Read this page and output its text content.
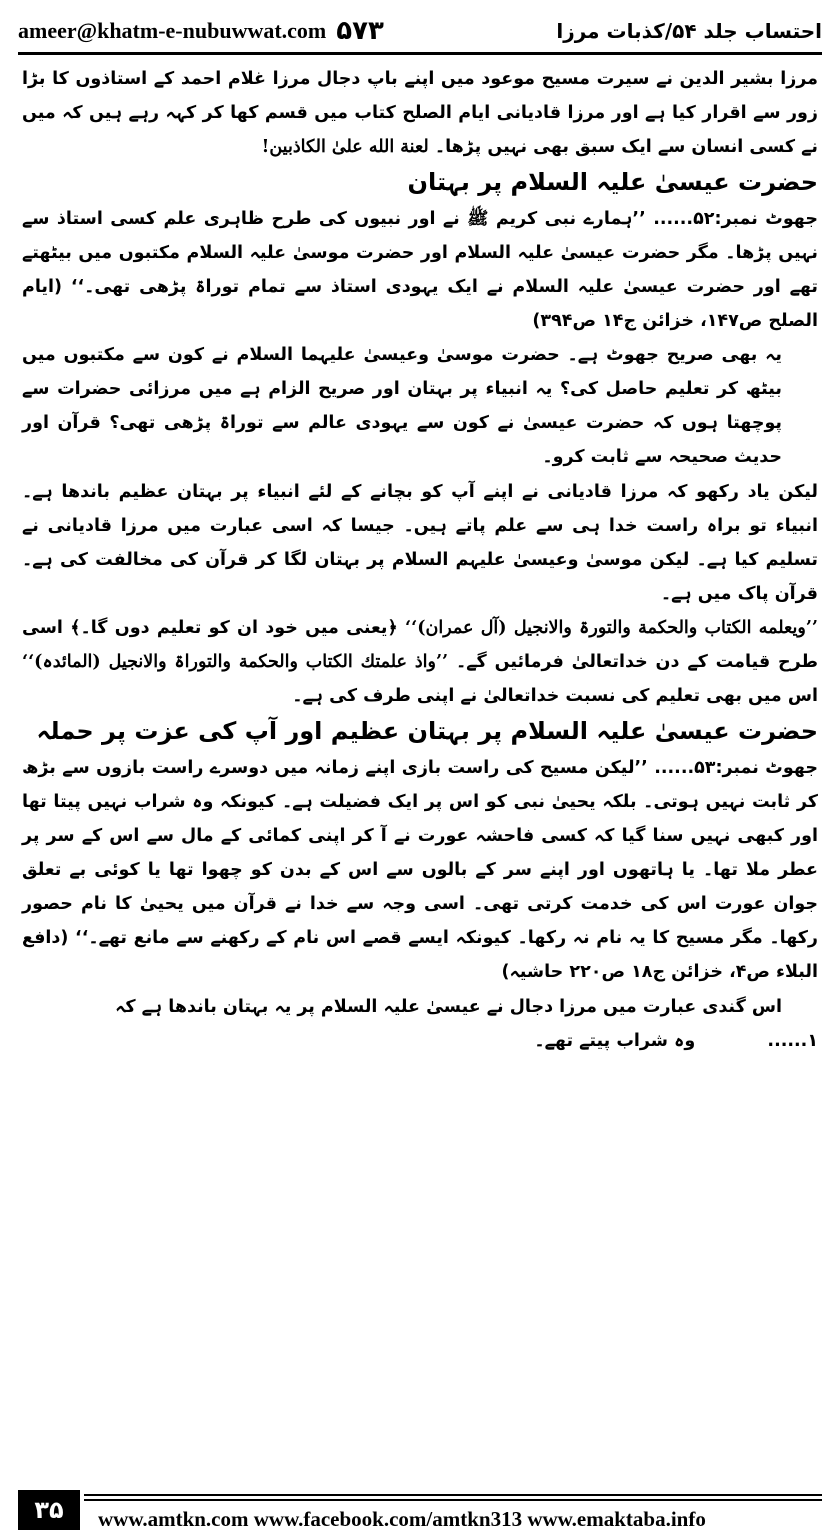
ameer@khatm-e-nubuwwat.com ۵۷۳	احتساب جلد ۵۴/کذبات مرزا

مرزا بشیر الدین نے سیرت مسیح موعود میں اپنے باپ دجال مرزا غلام احمد کے استاذوں کا بڑا زور سے اقرار کیا ہے اور مرزا قادیانی ایام الصلح کتاب میں قسم کھا کر کہہ رہے ہیں کہ میں نے کسی انسان سے ایک سبق بھی نہیں پڑھا۔ لعنة الله علیٰ الکاذبین!

حضرت عیسیٰ علیہ السلام پر بہتان

جھوٹ نمبر:۵۲...... ’’ہمارے نبی کریم ﷺ نے اور نبیوں کی طرح ظاہری علم کسی استاذ سے نہیں پڑھا۔ مگر حضرت عیسیٰ علیہ السلام اور حضرت موسیٰ علیہ السلام مکتبوں میں بیٹھتے تھے اور حضرت عیسیٰ علیہ السلام نے ایک یہودی استاذ سے تمام توراۃ پڑھی تھی۔‘‘ (ایام الصلح ص۱۴۷، خزائن ج۱۴ ص۳۹۴)

یہ بھی صریح جھوٹ ہے۔ حضرت موسیٰ وعیسیٰ علیہما السلام نے کون سے مکتبوں میں بیٹھ کر تعلیم حاصل کی؟ یہ انبیاء پر بہتان اور صریح الزام ہے میں مرزائی حضرات سے پوچھتا ہوں کہ حضرت عیسیٰ نے کون سے یہودی عالم سے توراۃ پڑھی تھی؟ قرآن اور حدیث صحیحہ سے ثابت کرو۔

لیکن یاد رکھو کہ مرزا قادیانی نے اپنے آپ کو بچانے کے لئے انبیاء پر بہتان عظیم باندھا ہے۔ انبیاء تو براہ راست خدا ہی سے علم پاتے ہیں۔ جیسا کہ اسی عبارت میں مرزا قادیانی نے تسلیم کیا ہے۔ لیکن موسیٰ وعیسیٰ علیہم السلام پر بہتان لگا کر قرآن کی مخالفت کی ہے۔ قرآن پاک میں ہے۔

’’ویعلمه الکتاب والحکمة والتورۃ والانجیل (آل عمران)‘‘ ﴿یعنی میں خود ان کو تعلیم دوں گا۔﴾ اسی طرح قیامت کے دن خداتعالیٰ فرمائیں گے۔ ’’واذ علمتك الکتاب والحکمة والتوراۃ والانجیل (المائدہ)‘‘ اس میں بھی تعلیم کی نسبت خداتعالیٰ نے اپنی طرف کی ہے۔

حضرت عیسیٰ علیہ السلام پر بہتان عظیم اور آپ کی عزت پر حملہ

جھوٹ نمبر:۵۳...... ’’لیکن مسیح کی راست بازی اپنے زمانہ میں دوسرے راست بازوں سے بڑھ کر ثابت نہیں ہوتی۔ بلکہ یحییٰ نبی کو اس پر ایک فضیلت ہے۔ کیونکہ وہ شراب نہیں پیتا تھا اور کبھی نہیں سنا گیا کہ کسی فاحشہ عورت نے آ کر اپنی کمائی کے مال سے اس کے سر پر عطر ملا تھا۔ یا ہاتھوں اور اپنے سر کے بالوں سے اس کے بدن کو چھوا تھا یا کوئی بے تعلق جوان عورت اس کی خدمت کرتی تھی۔ اسی وجہ سے خدا نے قرآن میں یحییٰ کا نام حصور رکھا۔ مگر مسیح کا یہ نام نہ رکھا۔ کیونکہ ایسے قصے اس نام کے رکھنے سے مانع تھے۔‘‘ (دافع البلاء ص۴، خزائن ج۱۸ ص۲۲۰ حاشیہ)

اس گندی عبارت میں مرزا دجال نے عیسیٰ علیہ السلام پر یہ بہتان باندھا ہے کہ

۱......  وہ شراب پیتے تھے۔

۳۵	www.amtkn.com www.facebook.com/amtkn313 www.emaktaba.info
